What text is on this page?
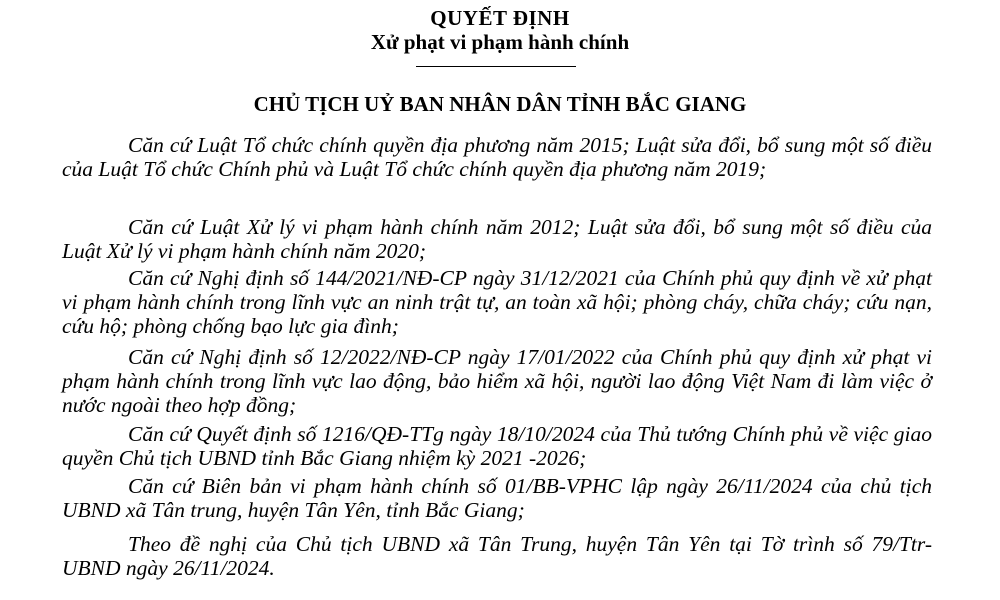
QUYẾT ĐỊNH
Xử phạt vi phạm hành chính
CHỦ TỊCH UỶ BAN NHÂN DÂN TỈNH BẮC GIANG

Căn cứ Luật Tổ chức chính quyền địa phương năm 2015; Luật sửa đổi, bổ sung một số điều của Luật Tổ chức Chính phủ và Luật Tổ chức chính quyền địa phương năm 2019;

Căn cứ Luật Xử lý vi phạm hành chính năm 2012; Luật sửa đổi, bổ sung một số điều của Luật Xử lý vi phạm hành chính năm 2020;

Căn cứ Nghị định số 144/2021/NĐ-CP ngày 31/12/2021 của Chính phủ quy định về xử phạt vi phạm hành chính trong lĩnh vực an ninh trật tự, an toàn xã hội; phòng cháy, chữa cháy; cứu nạn, cứu hộ; phòng chống bạo lực gia đình;

Căn cứ Nghị định số 12/2022/NĐ-CP ngày 17/01/2022 của Chính phủ quy định xử phạt vi phạm hành chính trong lĩnh vực lao động, bảo hiểm xã hội, người lao động Việt Nam đi làm việc ở nước ngoài theo hợp đồng;

Căn cứ Quyết định số 1216/QĐ-TTg ngày 18/10/2024 của Thủ tướng Chính phủ về việc giao quyền Chủ tịch UBND tỉnh Bắc Giang nhiệm kỳ 2021 -2026;

Căn cứ Biên bản vi phạm hành chính số 01/BB-VPHC lập ngày 26/11/2024 của chủ tịch UBND xã Tân trung, huyện Tân Yên, tỉnh Bắc Giang;

Theo đề nghị của Chủ tịch UBND xã Tân Trung, huyện Tân Yên tại Tờ trình số 79/Ttr-UBND ngày 26/11/2024.
